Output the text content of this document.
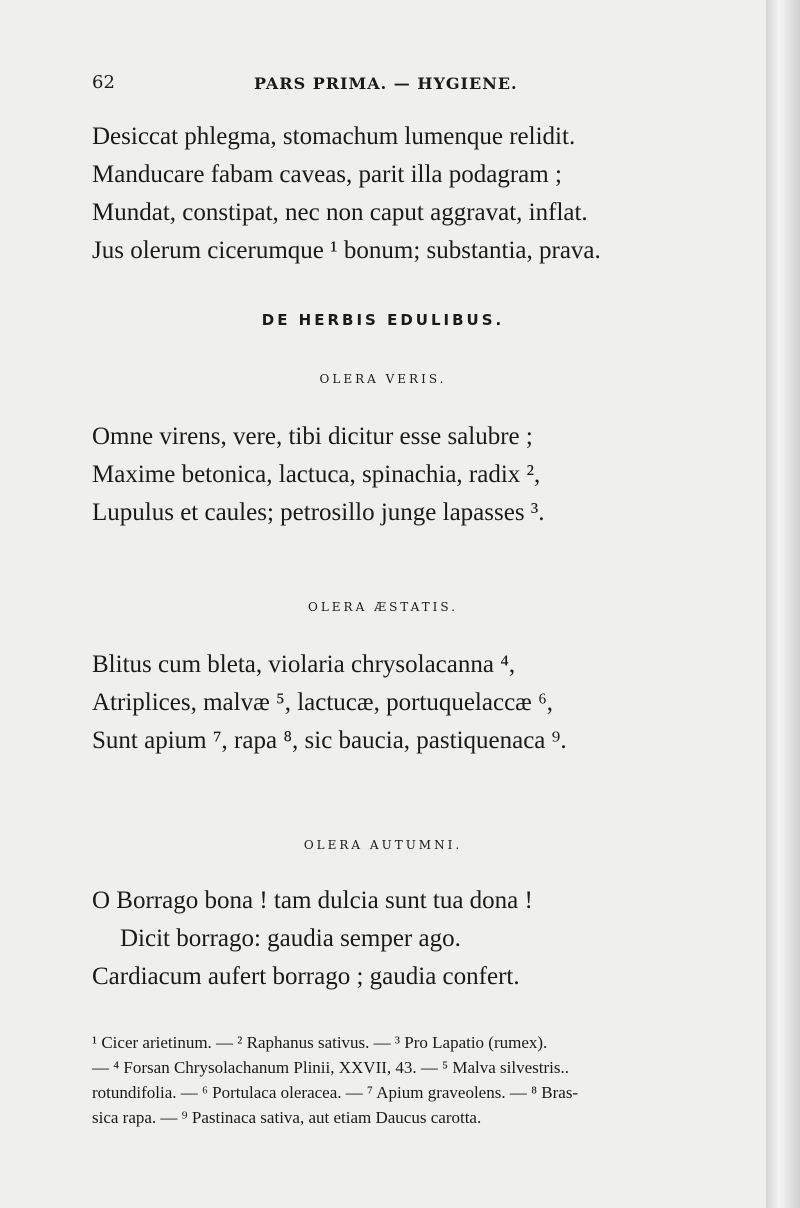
62	PARS PRIMA. — HYGIENE.
Desiccat phlegma, stomachum lumenque relidit.
Manducare fabam caveas, parit illa podagram ;
Mundat, constipat, nec non caput aggravat, inflat.
Jus olerum cicerumque ¹ bonum; substantia, prava.
DE HERBIS EDULIBUS.
OLERA VERIS.
Omne virens, vere, tibi dicitur esse salubre ;
Maxime betonica, lactuca, spinachia, radix ²,
Lupulus et caules; petrosillo junge lapasses ³.
OLERA ÆSTATIS.
Blitus cum bleta, violaria chrysolacanna ⁴,
Atriplices, malvæ ⁵, lactucæ, portuquelaccæ ⁶,
Sunt apium ⁷, rapa ⁸, sic baucia, pastiquenaca ⁹.
OLERA AUTUMNI.
O Borrago bona ! tam dulcia sunt tua dona !
Dicit borrago: gaudia semper ago.
Cardiacum aufert borrago ; gaudia confert.
¹ Cicer arietinum. — ² Raphanus sativus. — ³ Pro Lapatio (rumex).
— ⁴ Forsan Chrysolachanum Plinii, XXVII, 43. — ⁵ Malva silvestris..
rotundifolia. — ⁶ Portulaca oleracea. — ⁷ Apium graveolens. — ⁸ Bras-
sica rapa. — ⁹ Pastinaca sativa, aut etiam Daucus carotta.
